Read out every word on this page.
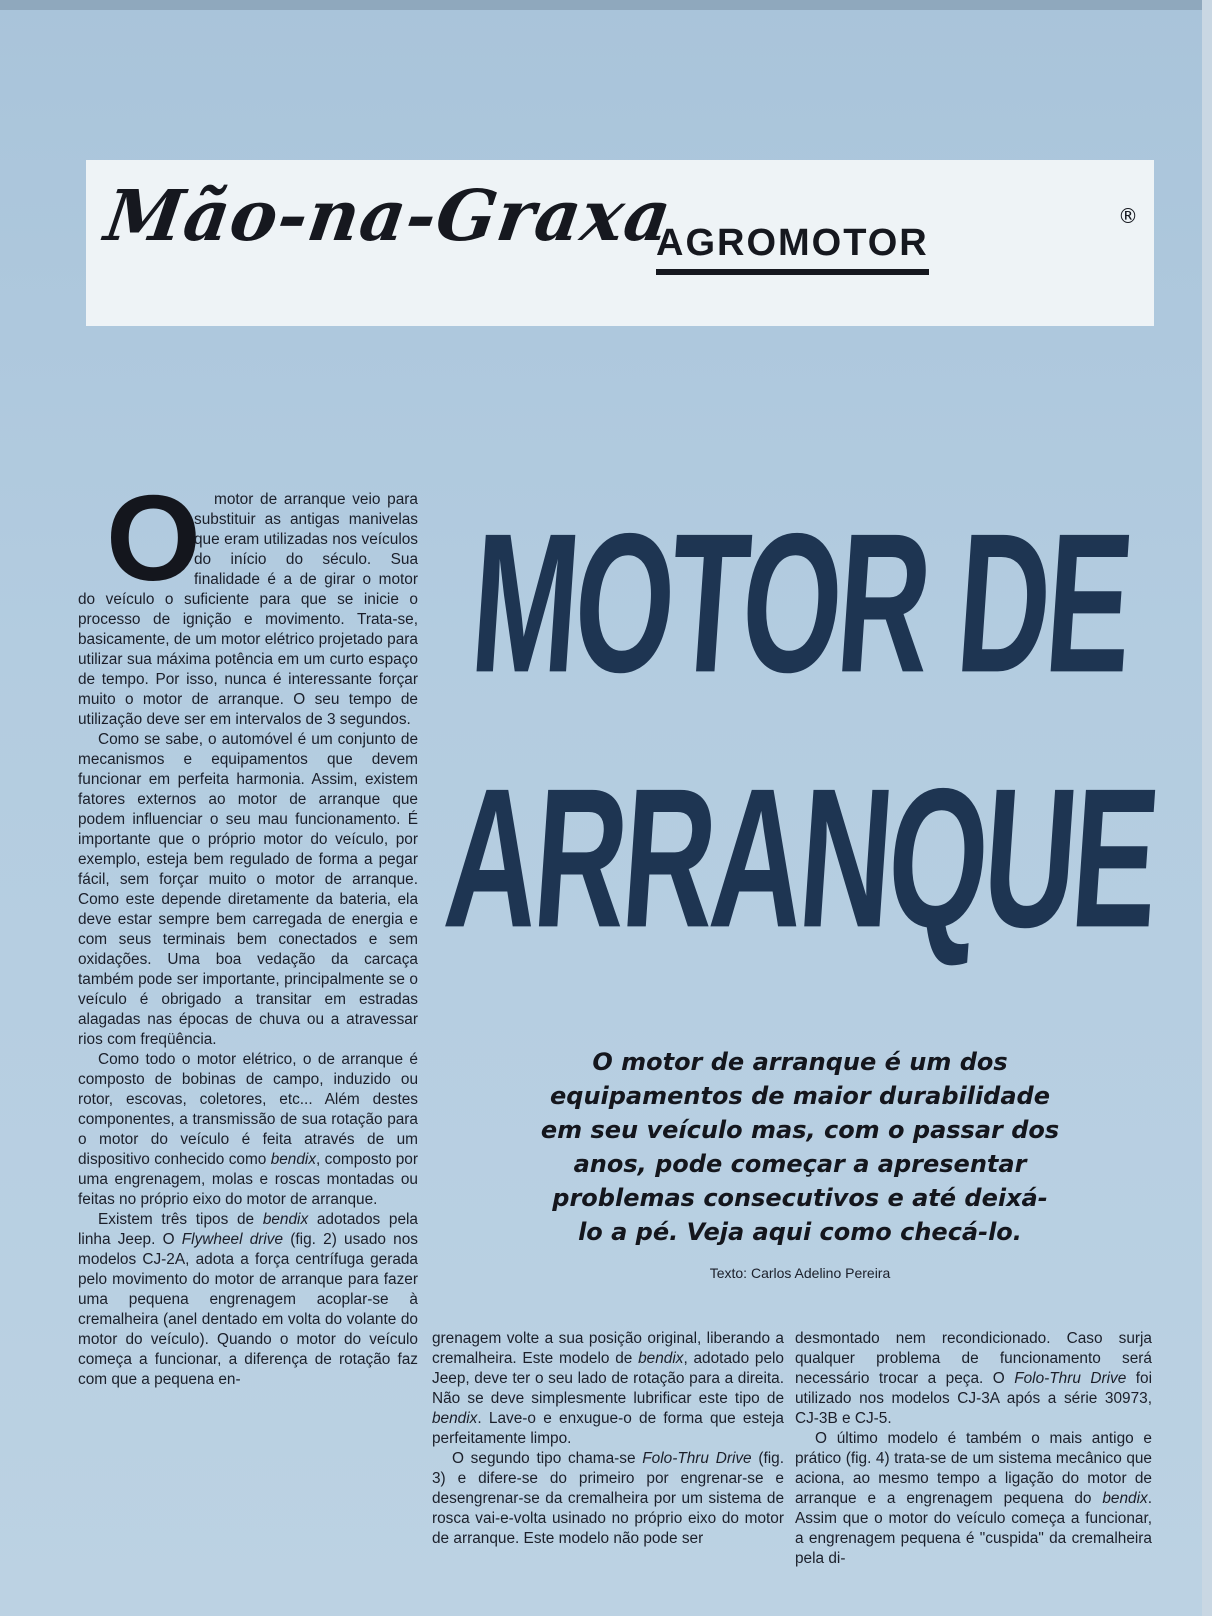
Mão-na-Graxa
AGROMOTOR
®
MOTOR DE
ARRANQUE
O motor de arranque é um dos equipamentos de maior durabilidade em seu veículo mas, com o passar dos anos, pode começar a apresentar problemas consecutivos e até deixá-lo a pé. Veja aqui como checá-lo.
Texto: Carlos Adelino Pereira

Omotor de arranque veio para substituir as antigas manivelas que eram utilizadas nos veículos do início do século. Sua finalidade é a de girar o motor do veículo o suficiente para que se inicie o processo de ignição e movimento. Trata-se, basicamente, de um motor elétrico projetado para utilizar sua máxima potência em um curto espaço de tempo. Por isso, nunca é interessante forçar muito o motor de arranque. O seu tempo de utilização deve ser em intervalos de 3 segundos.

Como se sabe, o automóvel é um conjunto de mecanismos e equipamentos que devem funcionar em perfeita harmonia. Assim, existem fatores externos ao motor de arranque que podem influenciar o seu mau funcionamento. É importante que o próprio motor do veículo, por exemplo, esteja bem regulado de forma a pegar fácil, sem forçar muito o motor de arranque. Como este depende diretamente da bateria, ela deve estar sempre bem carregada de energia e com seus terminais bem conectados e sem oxidações. Uma boa vedação da carcaça também pode ser importante, principalmente se o veículo é obrigado a transitar em estradas alagadas nas épocas de chuva ou a atravessar rios com freqüência.

Como todo o motor elétrico, o de arranque é composto de bobinas de campo, induzido ou rotor, escovas, coletores, etc... Além destes componentes, a transmissão de sua rotação para o motor do veículo é feita através de um dispositivo conhecido como bendix, composto por uma engrenagem, molas e roscas montadas ou feitas no próprio eixo do motor de arranque.

Existem três tipos de bendix adotados pela linha Jeep. O Flywheel drive (fig. 2) usado nos modelos CJ-2A, adota a força centrífuga gerada pelo movimento do motor de arranque para fazer uma pequena engrenagem acoplar-se à cremalheira (anel dentado em volta do volante do motor do veículo). Quando o motor do veículo começa a funcionar, a diferença de rotação faz com que a pequena en-

grenagem volte a sua posição original, liberando a cremalheira. Este modelo de bendix, adotado pelo Jeep, deve ter o seu lado de rotação para a direita. Não se deve simplesmente lubrificar este tipo de bendix. Lave-o e enxugue-o de forma que esteja perfeitamente limpo.

O segundo tipo chama-se Folo-Thru Drive (fig. 3) e difere-se do primeiro por engrenar-se e desengrenar-se da cremalheira por um sistema de rosca vai-e-volta usinado no próprio eixo do motor de arranque. Este modelo não pode ser

desmontado nem recondicionado. Caso surja qualquer problema de funcionamento será necessário trocar a peça. O Folo-Thru Drive foi utilizado nos modelos CJ-3A após a série 30973, CJ-3B e CJ-5.

O último modelo é também o mais antigo e prático (fig. 4) trata-se de um sistema mecânico que aciona, ao mesmo tempo a ligação do motor de arranque e a engrenagem pequena do bendix. Assim que o motor do veículo começa a funcionar, a engrenagem pequena é "cuspida" da cremalheira pela di-
